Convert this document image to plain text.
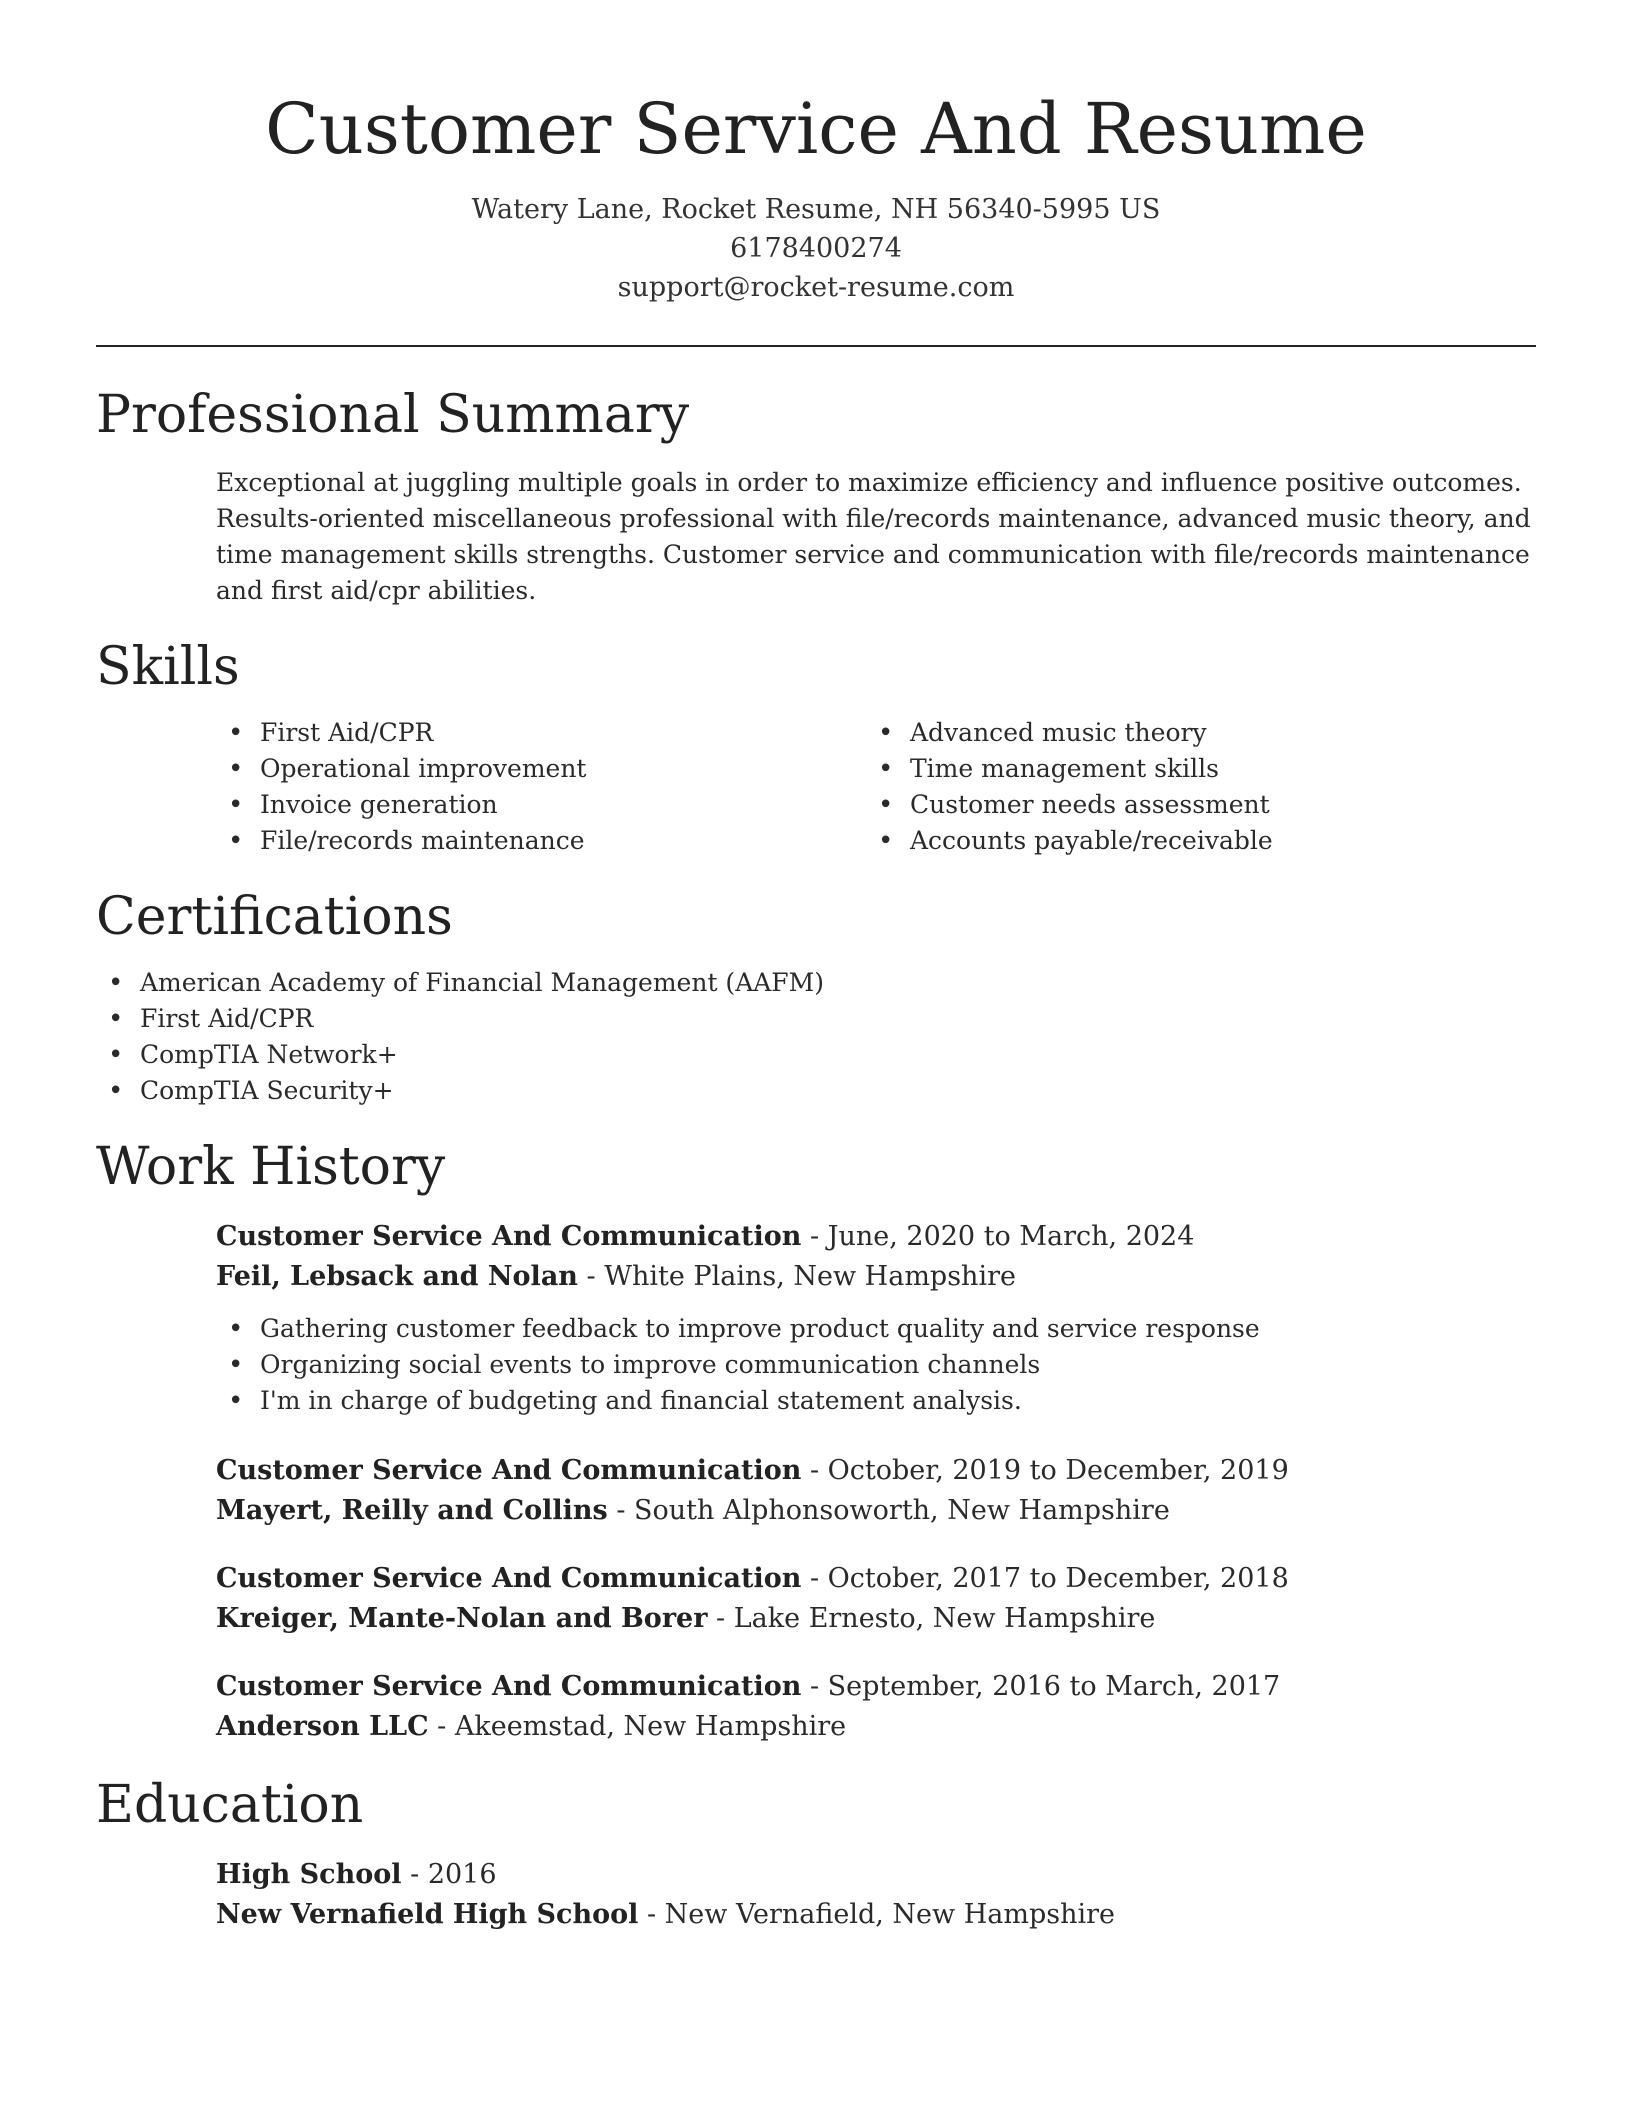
Customer Service And Resume
Watery Lane, Rocket Resume, NH 56340-5995 US
6178400274
support@rocket-resume.com
Professional Summary
Exceptional at juggling multiple goals in order to maximize efficiency and influence positive outcomes. Results-oriented miscellaneous professional with file/records maintenance, advanced music theory, and time management skills strengths. Customer service and communication with file/records maintenance and first aid/cpr abilities.
Skills
• First Aid/CPR
• Operational improvement
• Invoice generation
• File/records maintenance
• Advanced music theory
• Time management skills
• Customer needs assessment
• Accounts payable/receivable
Certifications
• American Academy of Financial Management (AAFM)
• First Aid/CPR
• CompTIA Network+
• CompTIA Security+
Work History
Customer Service And Communication - June, 2020 to March, 2024
Feil, Lebsack and Nolan - White Plains, New Hampshire
• Gathering customer feedback to improve product quality and service response
• Organizing social events to improve communication channels
• I'm in charge of budgeting and financial statement analysis.
Customer Service And Communication - October, 2019 to December, 2019
Mayert, Reilly and Collins - South Alphonsoworth, New Hampshire
Customer Service And Communication - October, 2017 to December, 2018
Kreiger, Mante-Nolan and Borer - Lake Ernesto, New Hampshire
Customer Service And Communication - September, 2016 to March, 2017
Anderson LLC - Akeemstad, New Hampshire
Education
High School - 2016
New Vernafield High School - New Vernafield, New Hampshire
